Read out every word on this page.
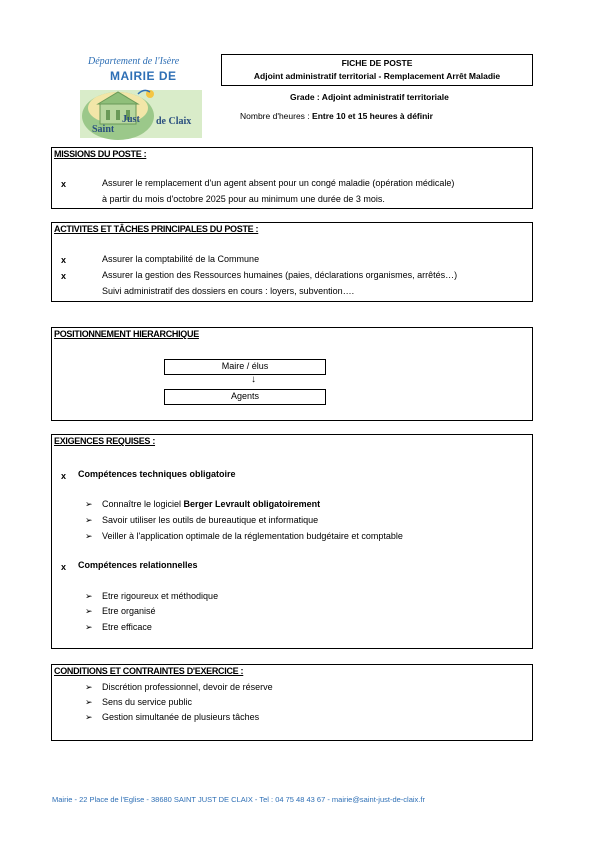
Département de l'Isère
MAIRIE DE
Saint
Just de Claix
FICHE DE POSTE
Adjoint administratif territorial - Remplacement Arrêt Maladie
Grade : Adjoint administratif territoriale
Nombre d'heures : Entre 10 et 15 heures à définir
MISSIONS DU POSTE :
x	Assurer le remplacement d'un agent absent pour un congé maladie (opération médicale)
à partir du mois d'octobre 2025 pour au minimum une durée de 3 mois.
ACTIVITES ET TÂCHES PRINCIPALES DU POSTE :
x	Assurer la comptabilité de la Commune
x	Assurer la gestion des Ressources humaines (paies, déclarations organismes, arrêtés…)
Suivi administratif des dossiers en cours : loyers, subvention….
POSITIONNEMENT HIERARCHIQUE
Maire / élus
↓
Agents
EXIGENCES REQUISES :
x Compétences techniques obligatoire
➢ Connaître le logiciel Berger Levrault obligatoirement
➢ Savoir utiliser les outils de bureautique et informatique
➢ Veiller à l'application optimale de la réglementation budgétaire et comptable
x Compétences relationnelles
➢ Etre rigoureux et méthodique
➢ Etre organisé
➢ Etre efficace
CONDITIONS ET CONTRAINTES D'EXERCICE :
➢ Discrétion professionnel, devoir de réserve
➢ Sens du service public
➢ Gestion simultanée de plusieurs tâches
Mairie - 22 Place de l'Eglise - 38680 SAINT JUST DE CLAIX - Tel : 04 75 48 43 67 - mairie@saint-just-de-claix.fr
